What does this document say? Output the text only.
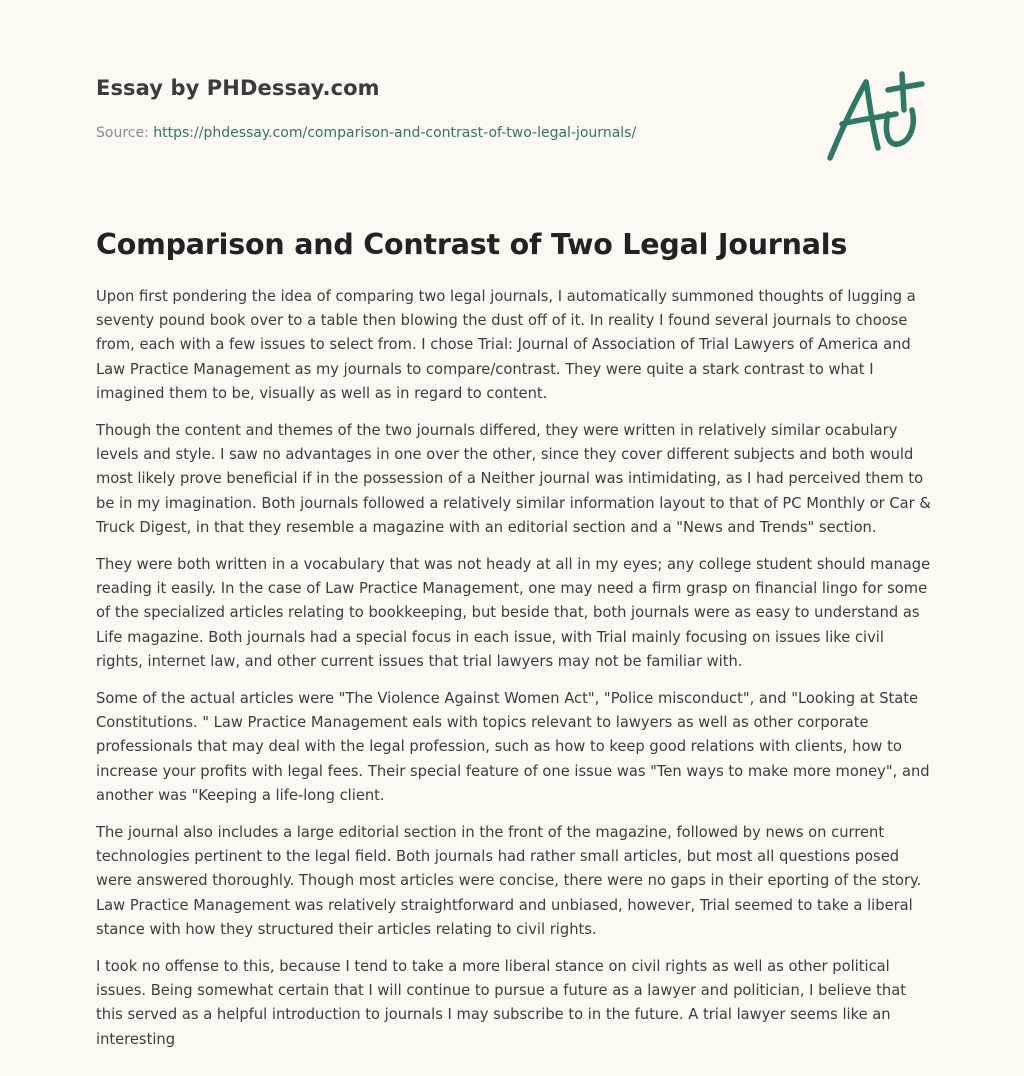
Essay by PHDessay.com
Source: https://phdessay.com/comparison-and-contrast-of-two-legal-journals/
Comparison and Contrast of Two Legal Journals

Upon first pondering the idea of comparing two legal journals, I automatically summoned thoughts of lugging a seventy pound book over to a table then blowing the dust off of it. In reality I found several journals to choose from, each with a few issues to select from. I chose Trial: Journal of Association of Trial Lawyers of America and Law Practice Management as my journals to compare/contrast. They were quite a stark contrast to what I imagined them to be, visually as well as in regard to content.

Though the content and themes of the two journals differed, they were written in relatively similar ocabulary levels and style. I saw no advantages in one over the other, since they cover different subjects and both would most likely prove beneficial if in the possession of a Neither journal was intimidating, as I had perceived them to be in my imagination. Both journals followed a relatively similar information layout to that of PC Monthly or Car & Truck Digest, in that they resemble a magazine with an editorial section and a "News and Trends" section.

They were both written in a vocabulary that was not heady at all in my eyes; any college student should manage reading it easily. In the case of Law Practice Management, one may need a firm grasp on financial lingo for some of the specialized articles relating to bookkeeping, but beside that, both journals were as easy to understand as Life magazine. Both journals had a special focus in each issue, with Trial mainly focusing on issues like civil rights, internet law, and other current issues that trial lawyers may not be familiar with.

Some of the actual articles were "The Violence Against Women Act", "Police misconduct", and "Looking at State Constitutions. " Law Practice Management eals with topics relevant to lawyers as well as other corporate professionals that may deal with the legal profession, such as how to keep good relations with clients, how to increase your profits with legal fees. Their special feature of one issue was "Ten ways to make more money", and another was "Keeping a life-long client.

The journal also includes a large editorial section in the front of the magazine, followed by news on current technologies pertinent to the legal field. Both journals had rather small articles, but most all questions posed were answered thoroughly. Though most articles were concise, there were no gaps in their eporting of the story. Law Practice Management was relatively straightforward and unbiased, however, Trial seemed to take a liberal stance with how they structured their articles relating to civil rights.

I took no offense to this, because I tend to take a more liberal stance on civil rights as well as other political issues. Being somewhat certain that I will continue to pursue a future as a lawyer and politician, I believe that this served as a helpful introduction to journals I may subscribe to in the future. A trial lawyer seems like an interesting
